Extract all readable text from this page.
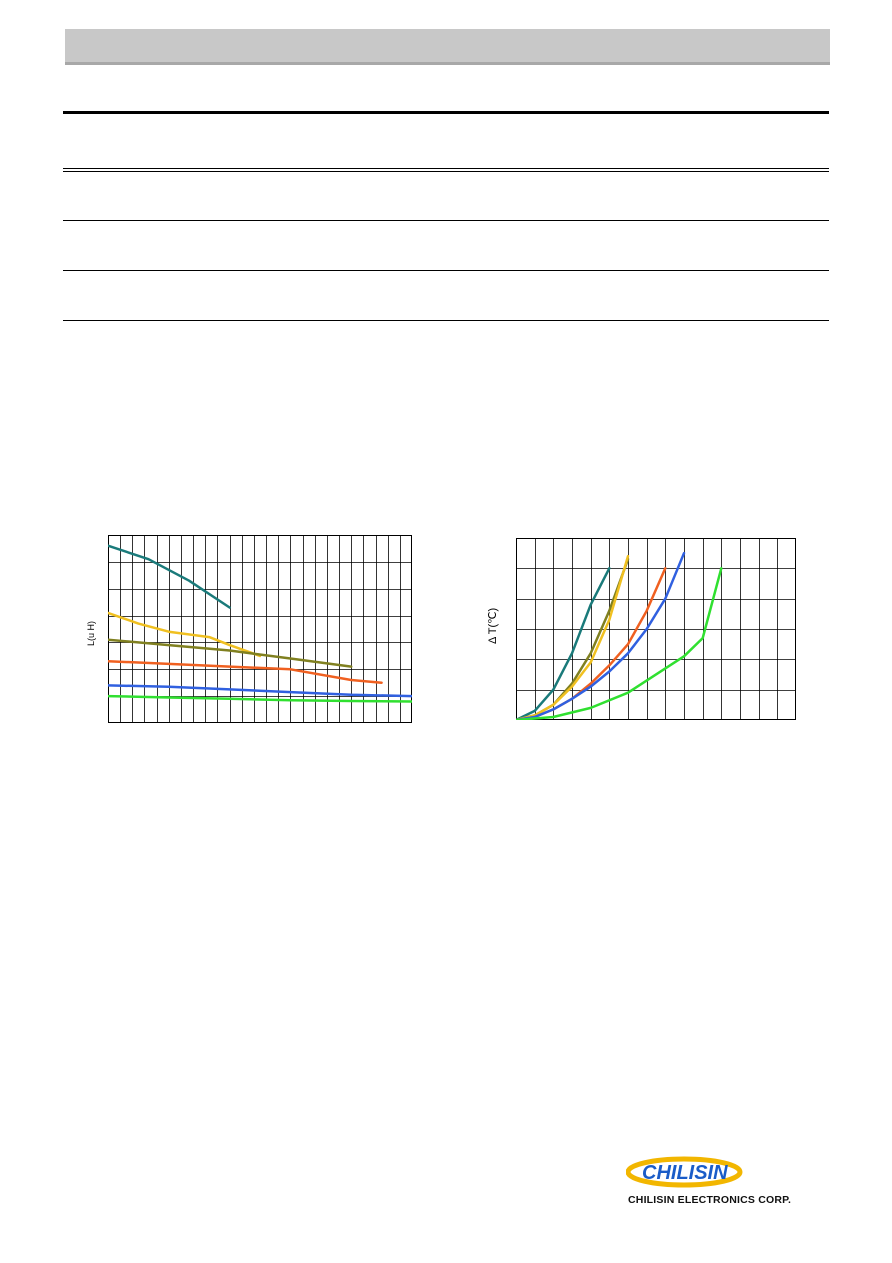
L(u H)	Δ T(℃)
CHILISIN
CHILISIN ELECTRONICS CORP.
